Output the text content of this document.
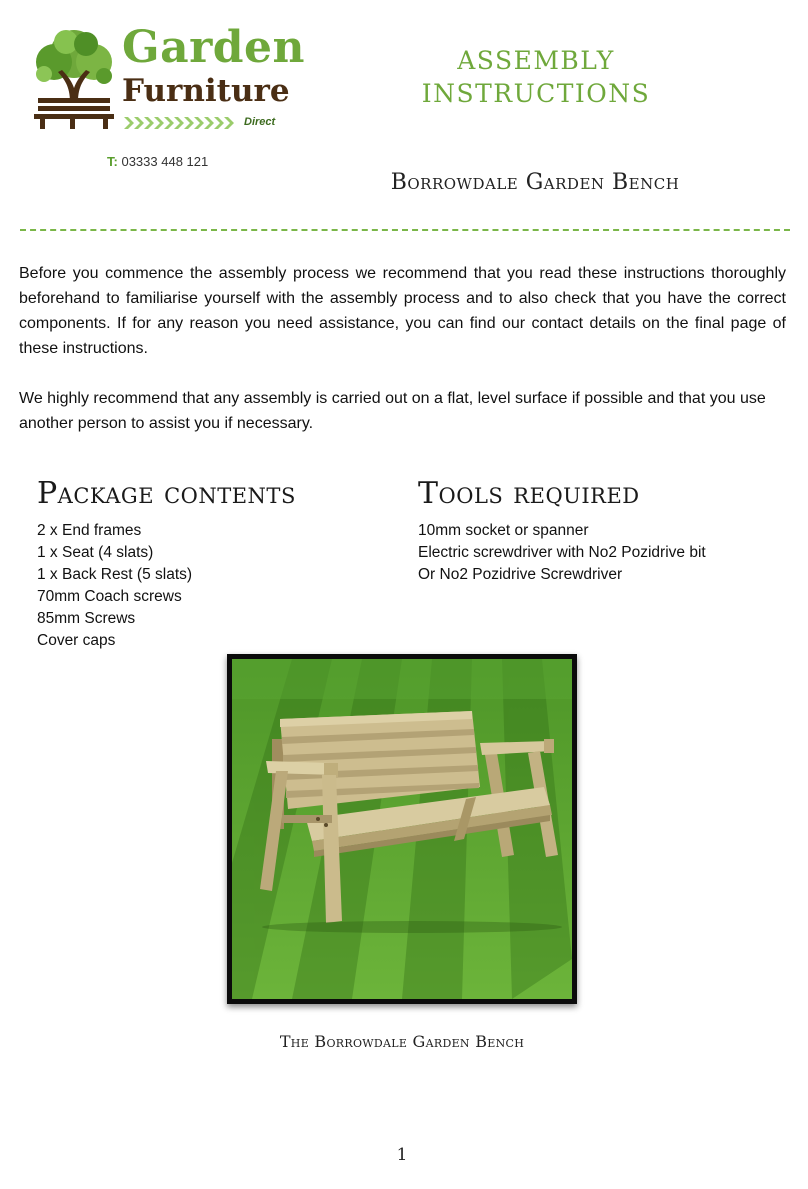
Garden
Furniture
Direct
T: 03333 448 121
ASSEMBLY
INSTRUCTIONS
Borrowdale Garden Bench

Before you commence the assembly process we recommend that you read these instructions thoroughly beforehand to familiarise yourself with the assembly process and to also check that you have the correct components. If for any reason you need assistance, you can find our contact details on the final page of these instructions.

We highly recommend that any assembly is carried out on a flat, level surface if possible and that you use another person to assist you if necessary.

Package contents
2 x End frames
1 x Seat (4 slats)
1 x Back Rest (5 slats)
70mm Coach screws
85mm Screws
Cover caps
Tools required
10mm socket or spanner
Electric screwdriver with No2 Pozidrive bit
Or No2 Pozidrive Screwdriver
The Borrowdale Garden Bench
1
